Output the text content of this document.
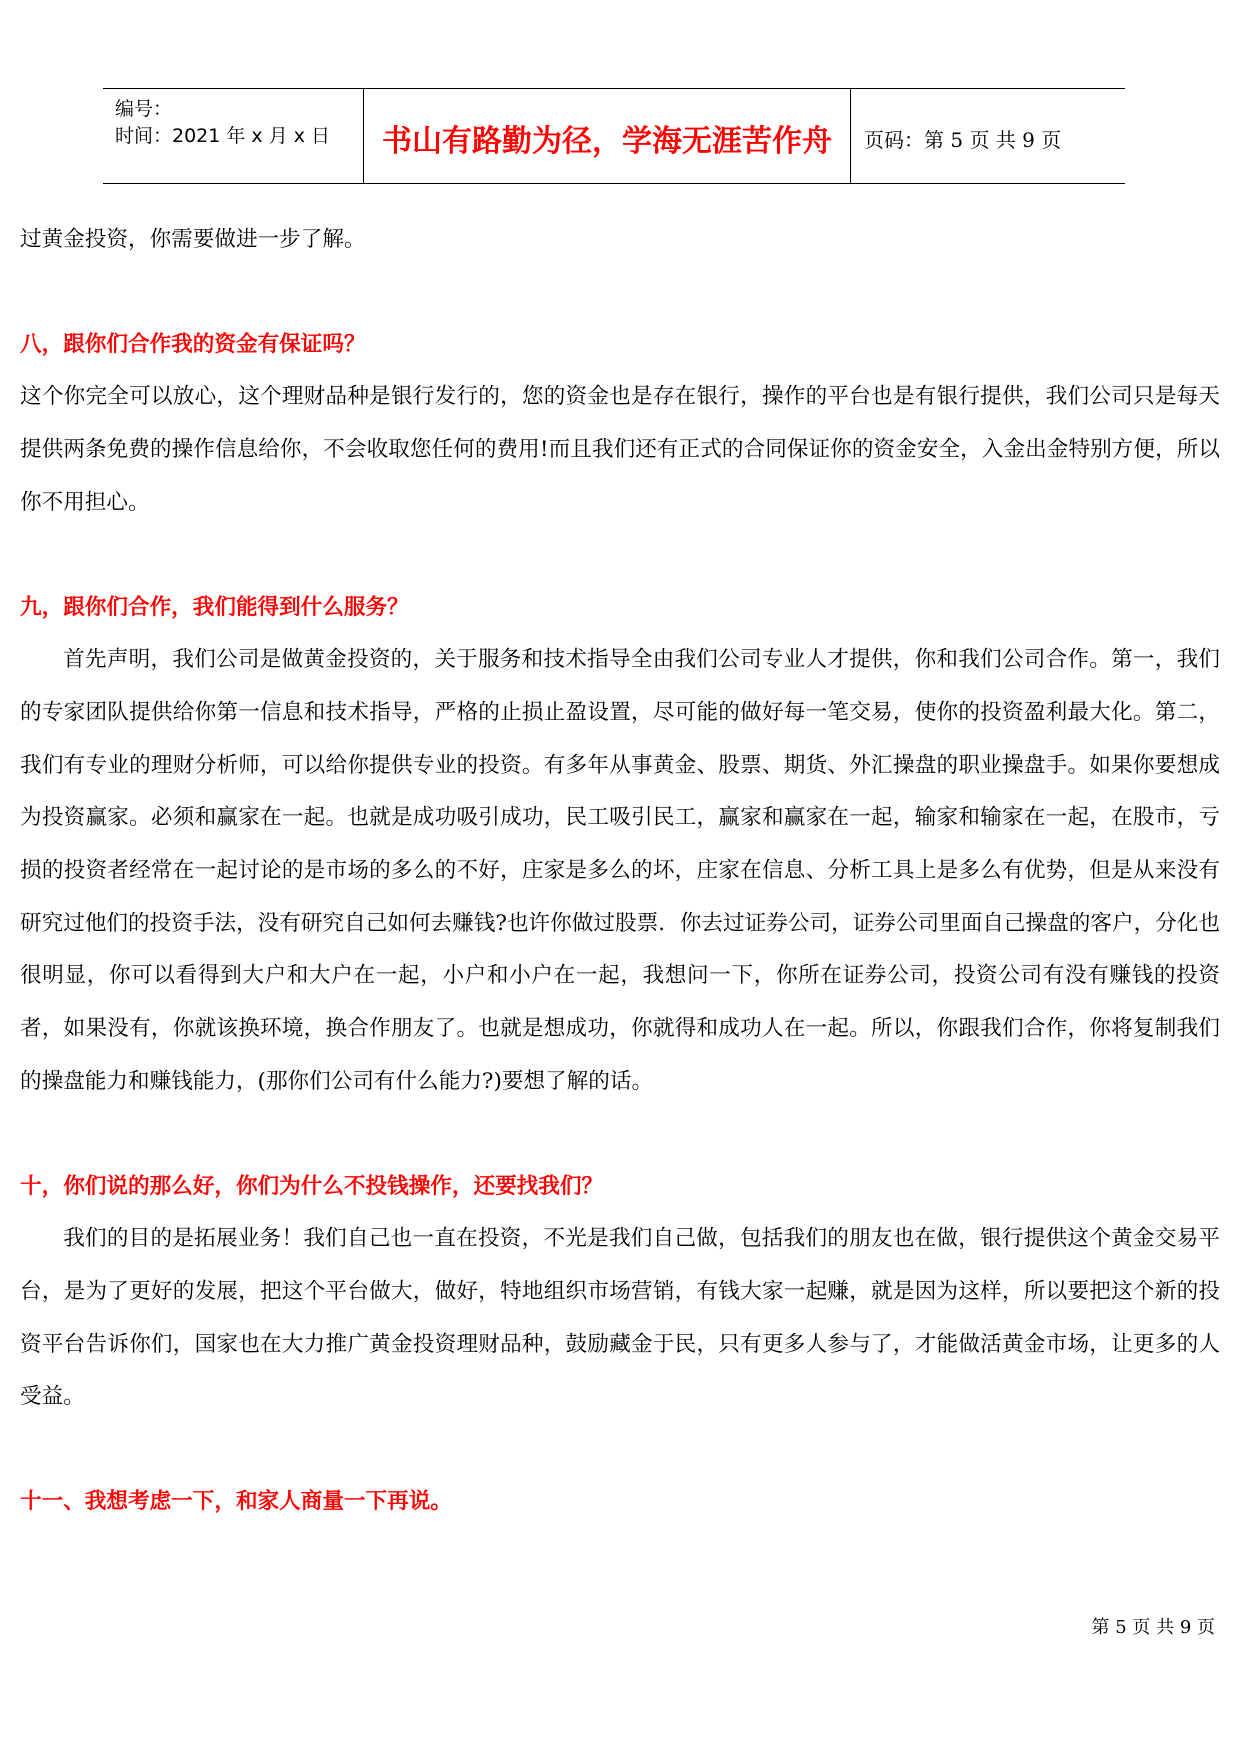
编号：
时间：2021 年 x 月 x 日	书山有路勤为径，学海无涯苦作舟	页码：第 5 页 共 9 页

过黄金投资，你需要做进一步了解。

八，跟你们合作我的资金有保证吗？

这个你完全可以放心，这个理财品种是银行发行的，您的资金也是存在银行，操作的平台也是有银行提供，我们公司只是每天提供两条免费的操作信息给你，不会收取您任何的费用!而且我们还有正式的合同保证你的资金安全，入金出金特别方便，所以你不用担心。

九，跟你们合作，我们能得到什么服务？

首先声明，我们公司是做黄金投资的，关于服务和技术指导全由我们公司专业人才提供，你和我们公司合作。第一，我们的专家团队提供给你第一信息和技术指导，严格的止损止盈设置，尽可能的做好每一笔交易，使你的投资盈利最大化。第二，我们有专业的理财分析师，可以给你提供专业的投资。有多年从事黄金、股票、期货、外汇操盘的职业操盘手。如果你要想成为投资赢家。必须和赢家在一起。也就是成功吸引成功，民工吸引民工，赢家和赢家在一起，输家和输家在一起，在股市，亏损的投资者经常在一起讨论的是市场的多么的不好，庄家是多么的坏，庄家在信息、分析工具上是多么有优势，但是从来没有研究过他们的投资手法，没有研究自己如何去赚钱?也许你做过股票．你去过证券公司，证券公司里面自己操盘的客户，分化也很明显，你可以看得到大户和大户在一起，小户和小户在一起，我想问一下，你所在证券公司，投资公司有没有赚钱的投资者，如果没有，你就该换环境，换合作朋友了。也就是想成功，你就得和成功人在一起。所以，你跟我们合作，你将复制我们的操盘能力和赚钱能力，(那你们公司有什么能力?)要想了解的话。

十，你们说的那么好，你们为什么不投钱操作，还要找我们？

我们的目的是拓展业务！我们自己也一直在投资，不光是我们自己做，包括我们的朋友也在做，银行提供这个黄金交易平台，是为了更好的发展，把这个平台做大，做好，特地组织市场营销，有钱大家一起赚，就是因为这样，所以要把这个新的投资平台告诉你们，国家也在大力推广黄金投资理财品种，鼓励藏金于民，只有更多人参与了，才能做活黄金市场，让更多的人受益。

十一、我想考虑一下，和家人商量一下再说。

第 5 页 共 9 页
